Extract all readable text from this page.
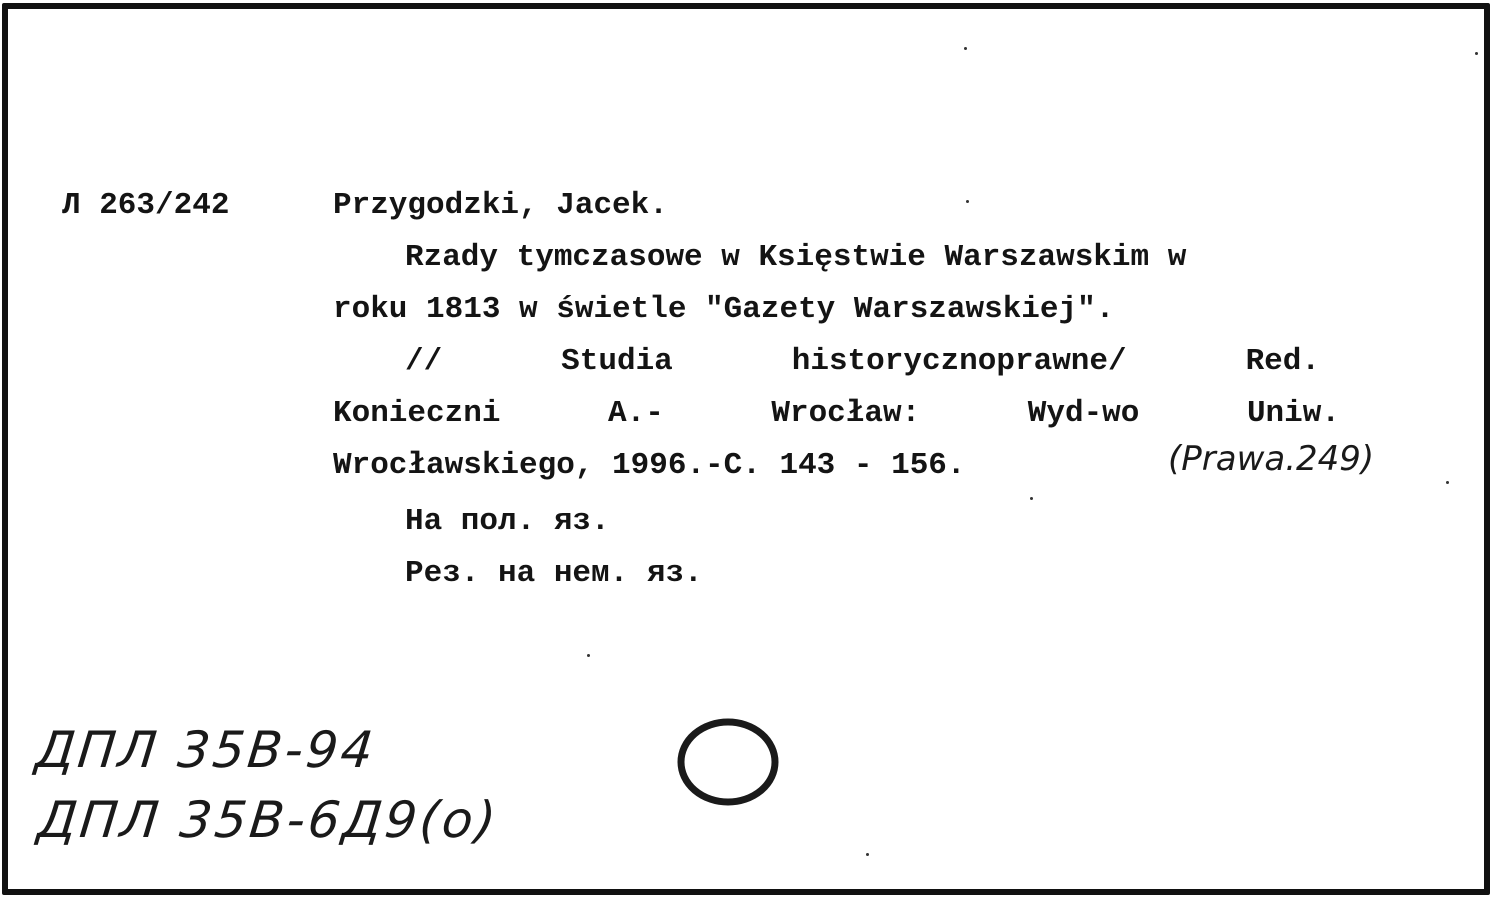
Л 263/242	Przygodzki, Jacek.
Rzady tymczasowe w Księstwie Warszawskim w
roku 1813 w świetle "Gazety Warszawskiej".
//	Studia	historycznoprawne/	Red.
Konieczni	A.-	Wrocław:	Wyd-wo	Uniw.
Wrocławskiego, 1996.-С. 143 - 156.	(Prawa.249)
На пол. яз.
Рез. на нем. яз.
ДПЛ 35В-94
ДПЛ 35В-6Д9(о)
